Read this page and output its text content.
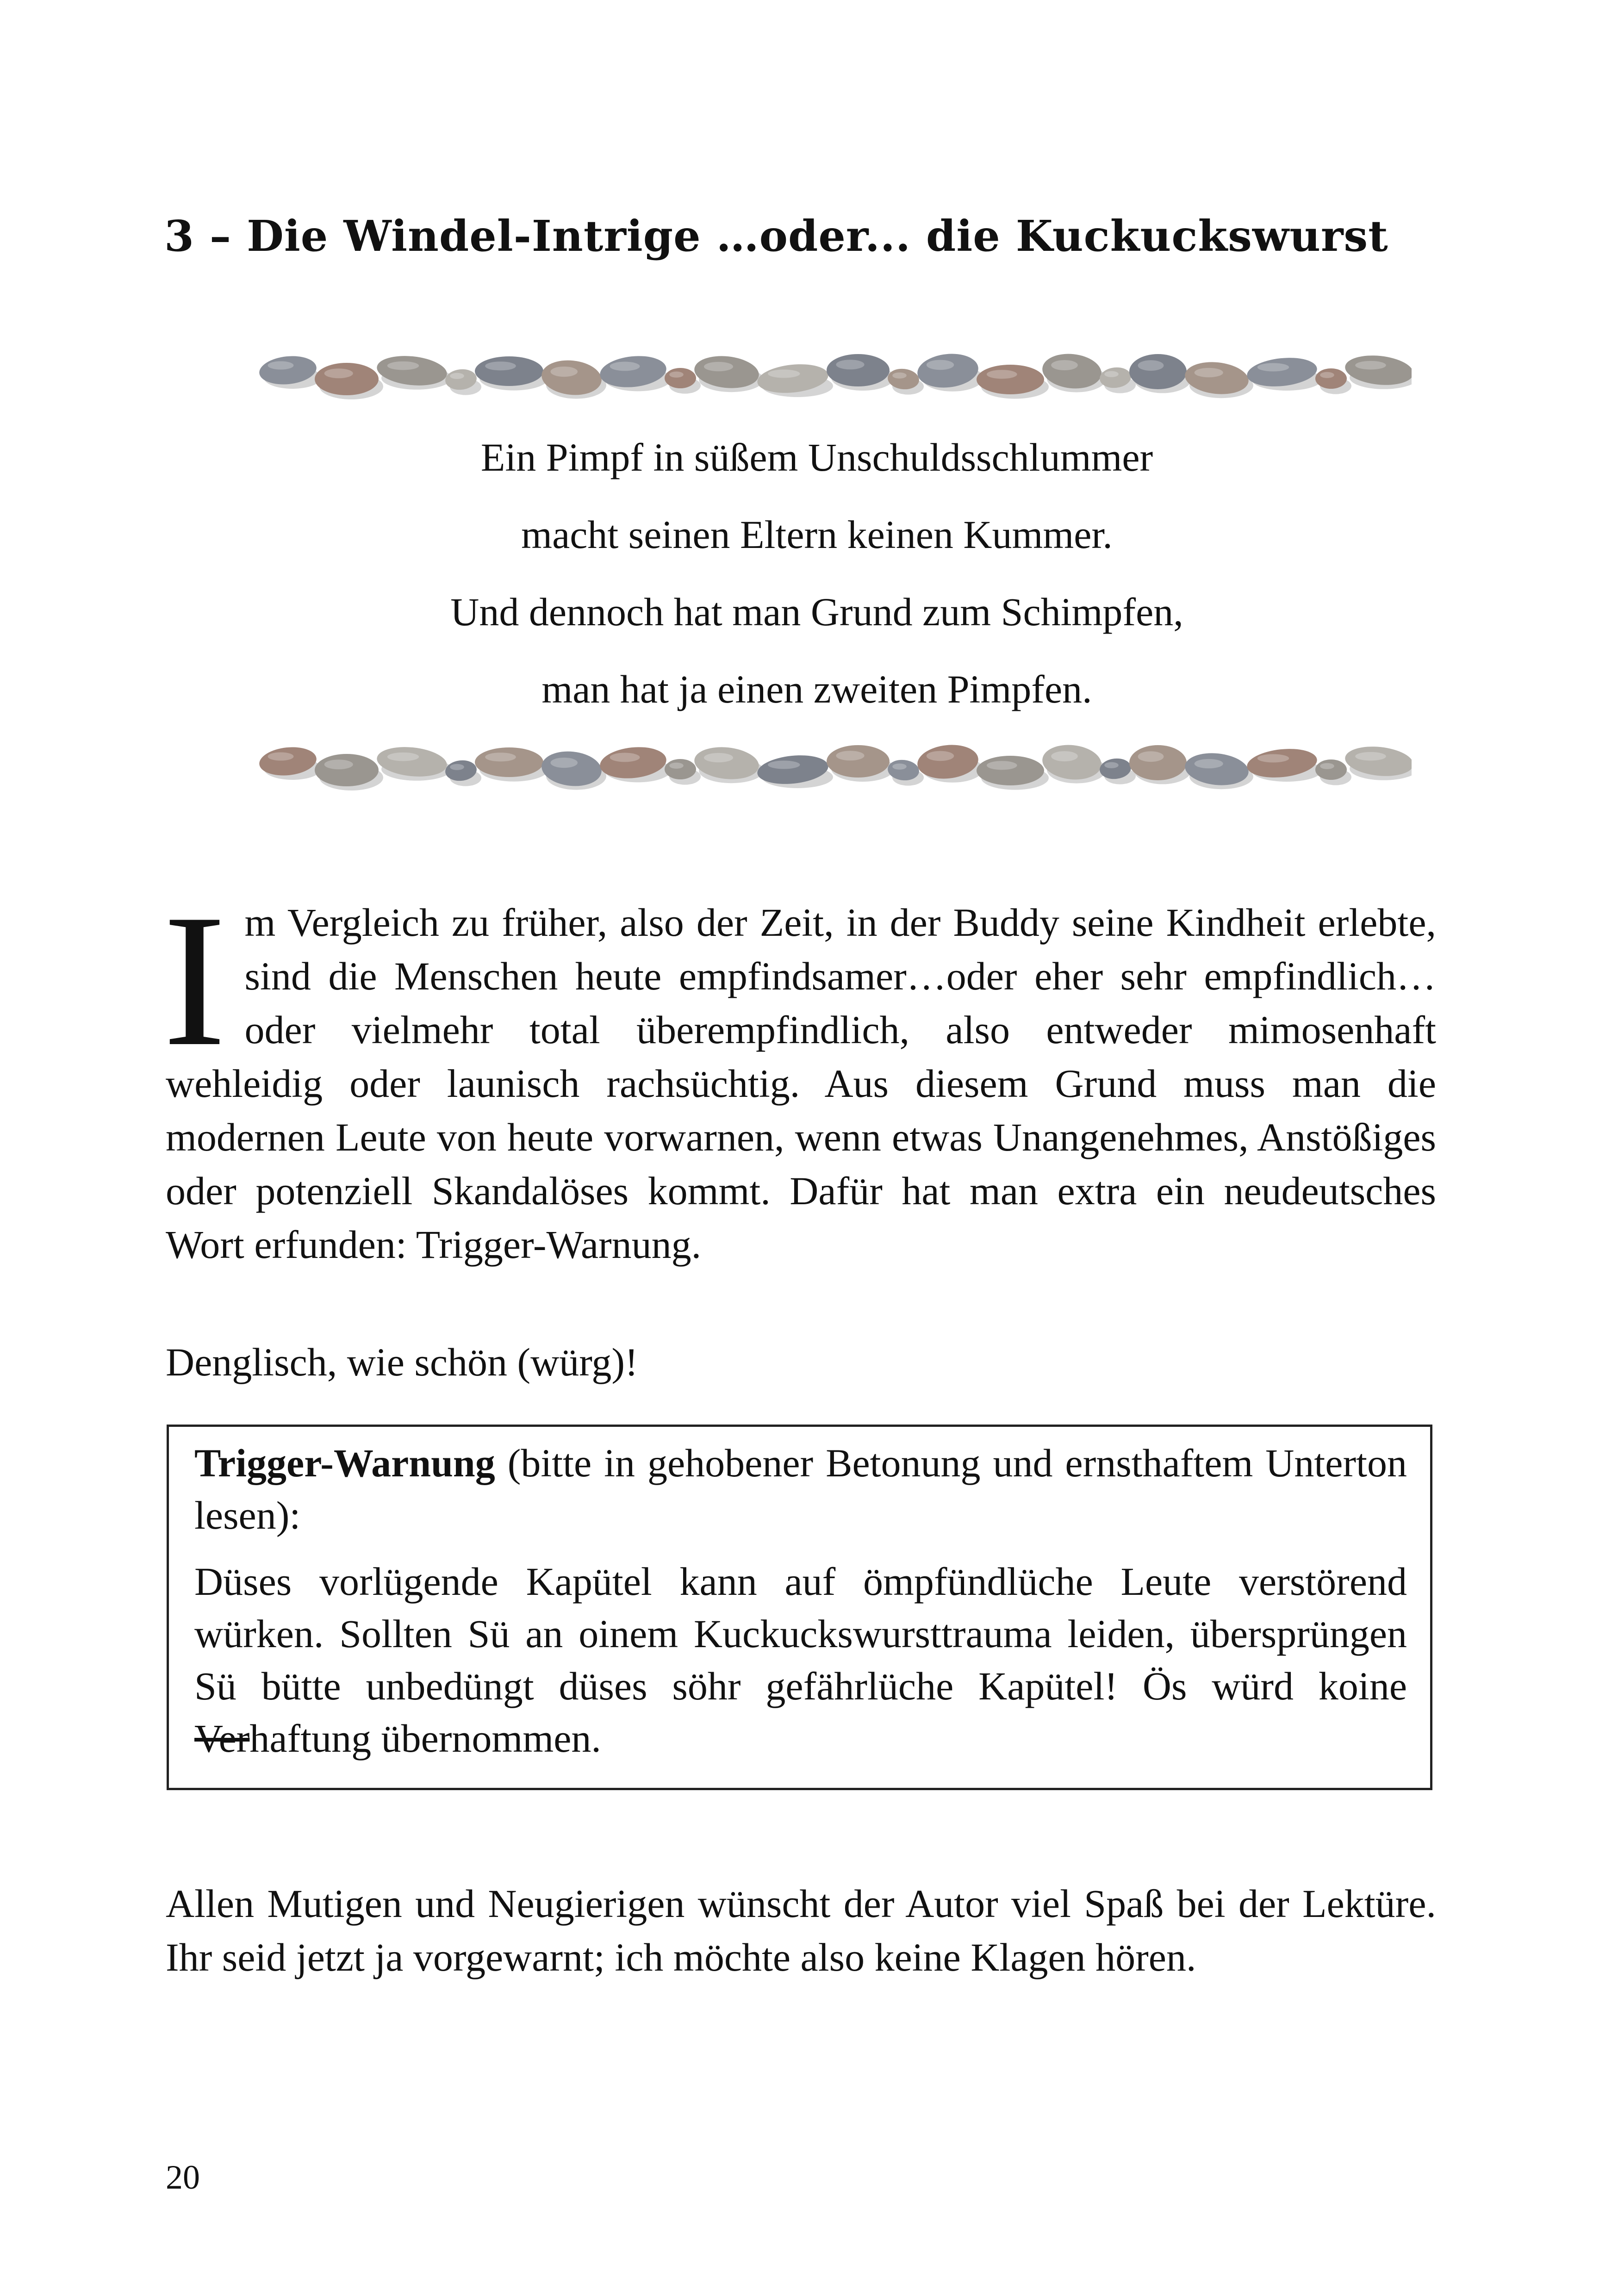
3 – Die Windel-Intrige …oder... die Kuckuckswurst
Ein Pimpf in süßem Unschuldsschlummer
macht seinen Eltern keinen Kummer.
Und dennoch hat man Grund zum Schimpfen,
man hat ja einen zweiten Pimpfen.
Im Vergleich zu früher, also der Zeit, in der Buddy seine Kindheit erlebte, sind die Menschen heute empfindsamer…oder eher sehr empfindlich…oder vielmehr total überempfindlich, also entweder mimosenhaft wehleidig oder launisch rachsüchtig. Aus diesem Grund muss man die modernen Leute von heute vorwarnen, wenn etwas Unangenehmes, Anstößiges oder potenziell Skandalöses kommt. Dafür hat man extra ein neudeutsches Wort erfunden: Trigger-Warnung.
Denglisch, wie schön (würg)!

Trigger-Warnung (bitte in gehobener Betonung und ernsthaftem Unterton lesen):

Düses vorlügende Kapütel kann auf ömpfündlüche Leute verstörend würken. Sollten Sü an oinem Kuckuckswursttrauma leiden, übersprüngen Sü bütte unbedüngt düses söhr gefährlüche Kapütel! Ös würd koine Verhaftung übernommen.

Allen Mutigen und Neugierigen wünscht der Autor viel Spaß bei der Lektüre. Ihr seid jetzt ja vorgewarnt; ich möchte also keine Klagen hören.
20
